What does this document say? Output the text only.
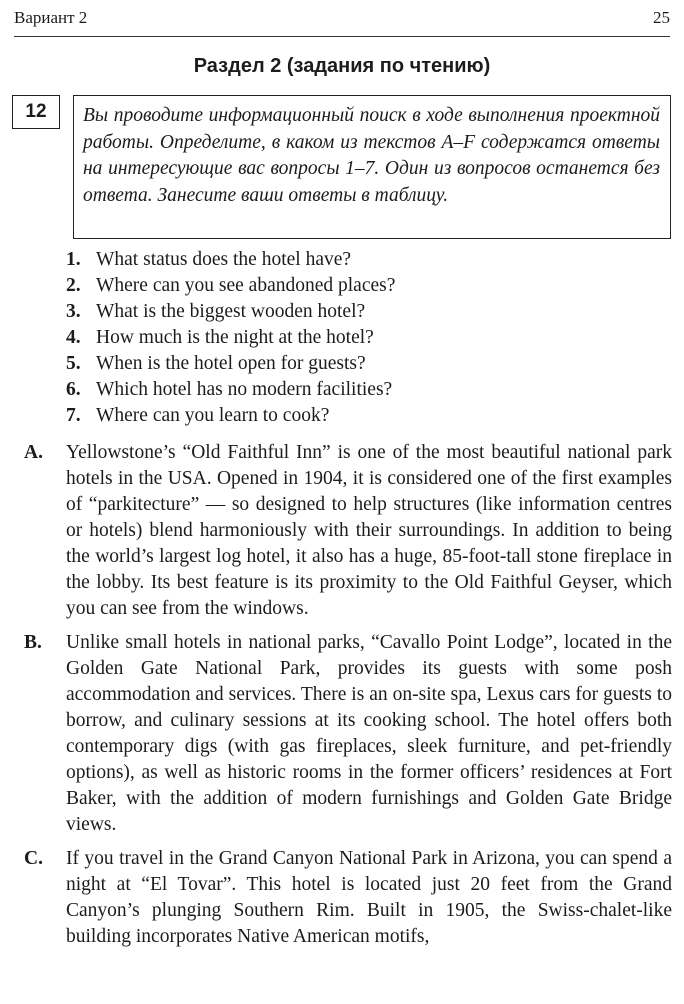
Вариант 2	25
Раздел 2 (задания по чтению)
12	Вы проводите информационный поиск в ходе выполнения проектной работы. Определите, в каком из текстов A–F содержатся ответы на интересующие вас вопросы 1–7. Один из вопросов останется без ответа. Занесите ваши ответы в таблицу.
1. What status does the hotel have?
2. Where can you see abandoned places?
3. What is the biggest wooden hotel?
4. How much is the night at the hotel?
5. When is the hotel open for guests?
6. Which hotel has no modern facilities?
7. Where can you learn to cook?
A.	Yellowstone’s “Old Faithful Inn” is one of the most beautiful national park hotels in the USA. Opened in 1904, it is considered one of the first examples of “parkitecture” — so designed to help structures (like information centres or hotels) blend harmoniously with their surroundings. In addition to being the world’s largest log hotel, it also has a huge, 85-foot-tall stone fireplace in the lobby. Its best feature is its proximity to the Old Faithful Geyser, which you can see from the windows.
B.	Unlike small hotels in national parks, “Cavallo Point Lodge”, located in the Golden Gate National Park, provides its guests with some posh accommodation and services. There is an on-site spa, Lexus cars for guests to borrow, and culinary sessions at its cooking school. The hotel offers both contemporary digs (with gas fireplaces, sleek furniture, and pet-friendly options), as well as historic rooms in the former officers’ residences at Fort Baker, with the addition of modern furnishings and Golden Gate Bridge views.
C.	If you travel in the Grand Canyon National Park in Arizona, you can spend a night at “El Tovar”. This hotel is located just 20 feet from the Grand Canyon’s plunging Southern Rim. Built in 1905, the Swiss-chalet-like building incorporates Native American motifs,
